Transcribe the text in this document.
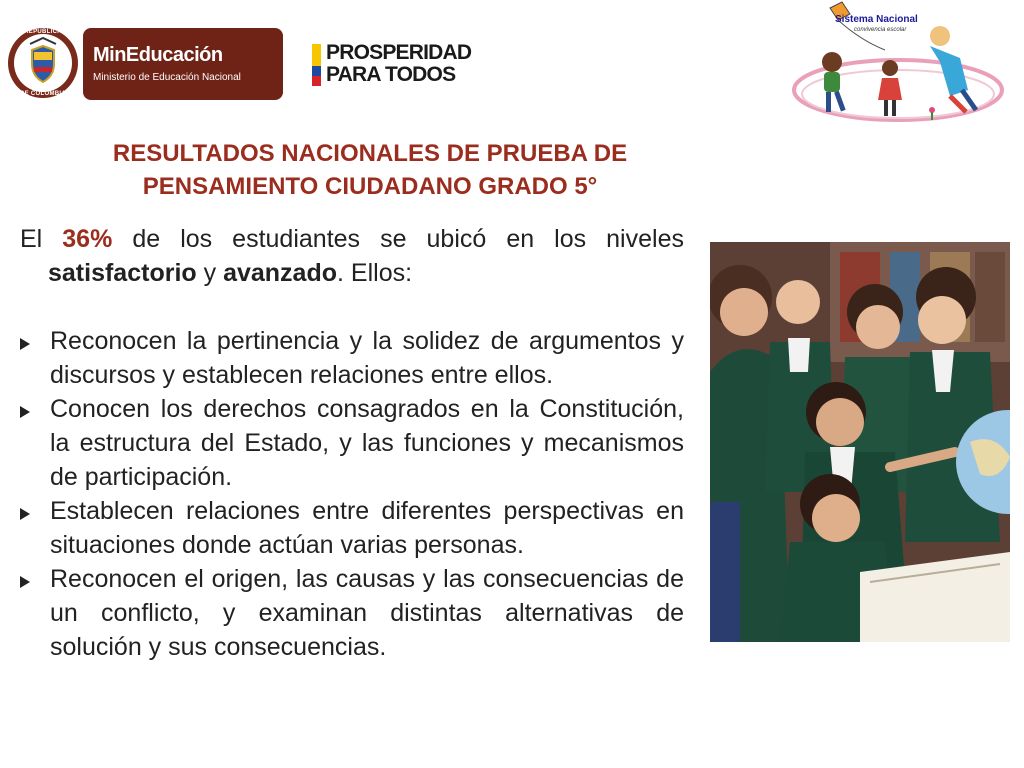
REPÚBLICA
DE COLOMBIA
MinEducación
Ministerio de Educación Nacional
PROSPERIDAD
PARA TODOS
Sistema Nacional
convivencia escolar
RESULTADOS NACIONALES DE PRUEBA DE
PENSAMIENTO CIUDADANO GRADO 5°
El 36% de los estudiantes se ubicó en los niveles
satisfactorio y avanzado. Ellos:
Reconocen la pertinencia y la solidez de argumentos y discursos y establecen relaciones entre ellos.
Conocen los derechos consagrados en la Constitución, la estructura del Estado, y las funciones y mecanismos de participación.
Establecen relaciones entre diferentes perspectivas en situaciones donde actúan varias personas.
Reconocen el origen, las causas y las consecuencias de un conflicto, y examinan distintas alternativas de solución y sus consecuencias.
